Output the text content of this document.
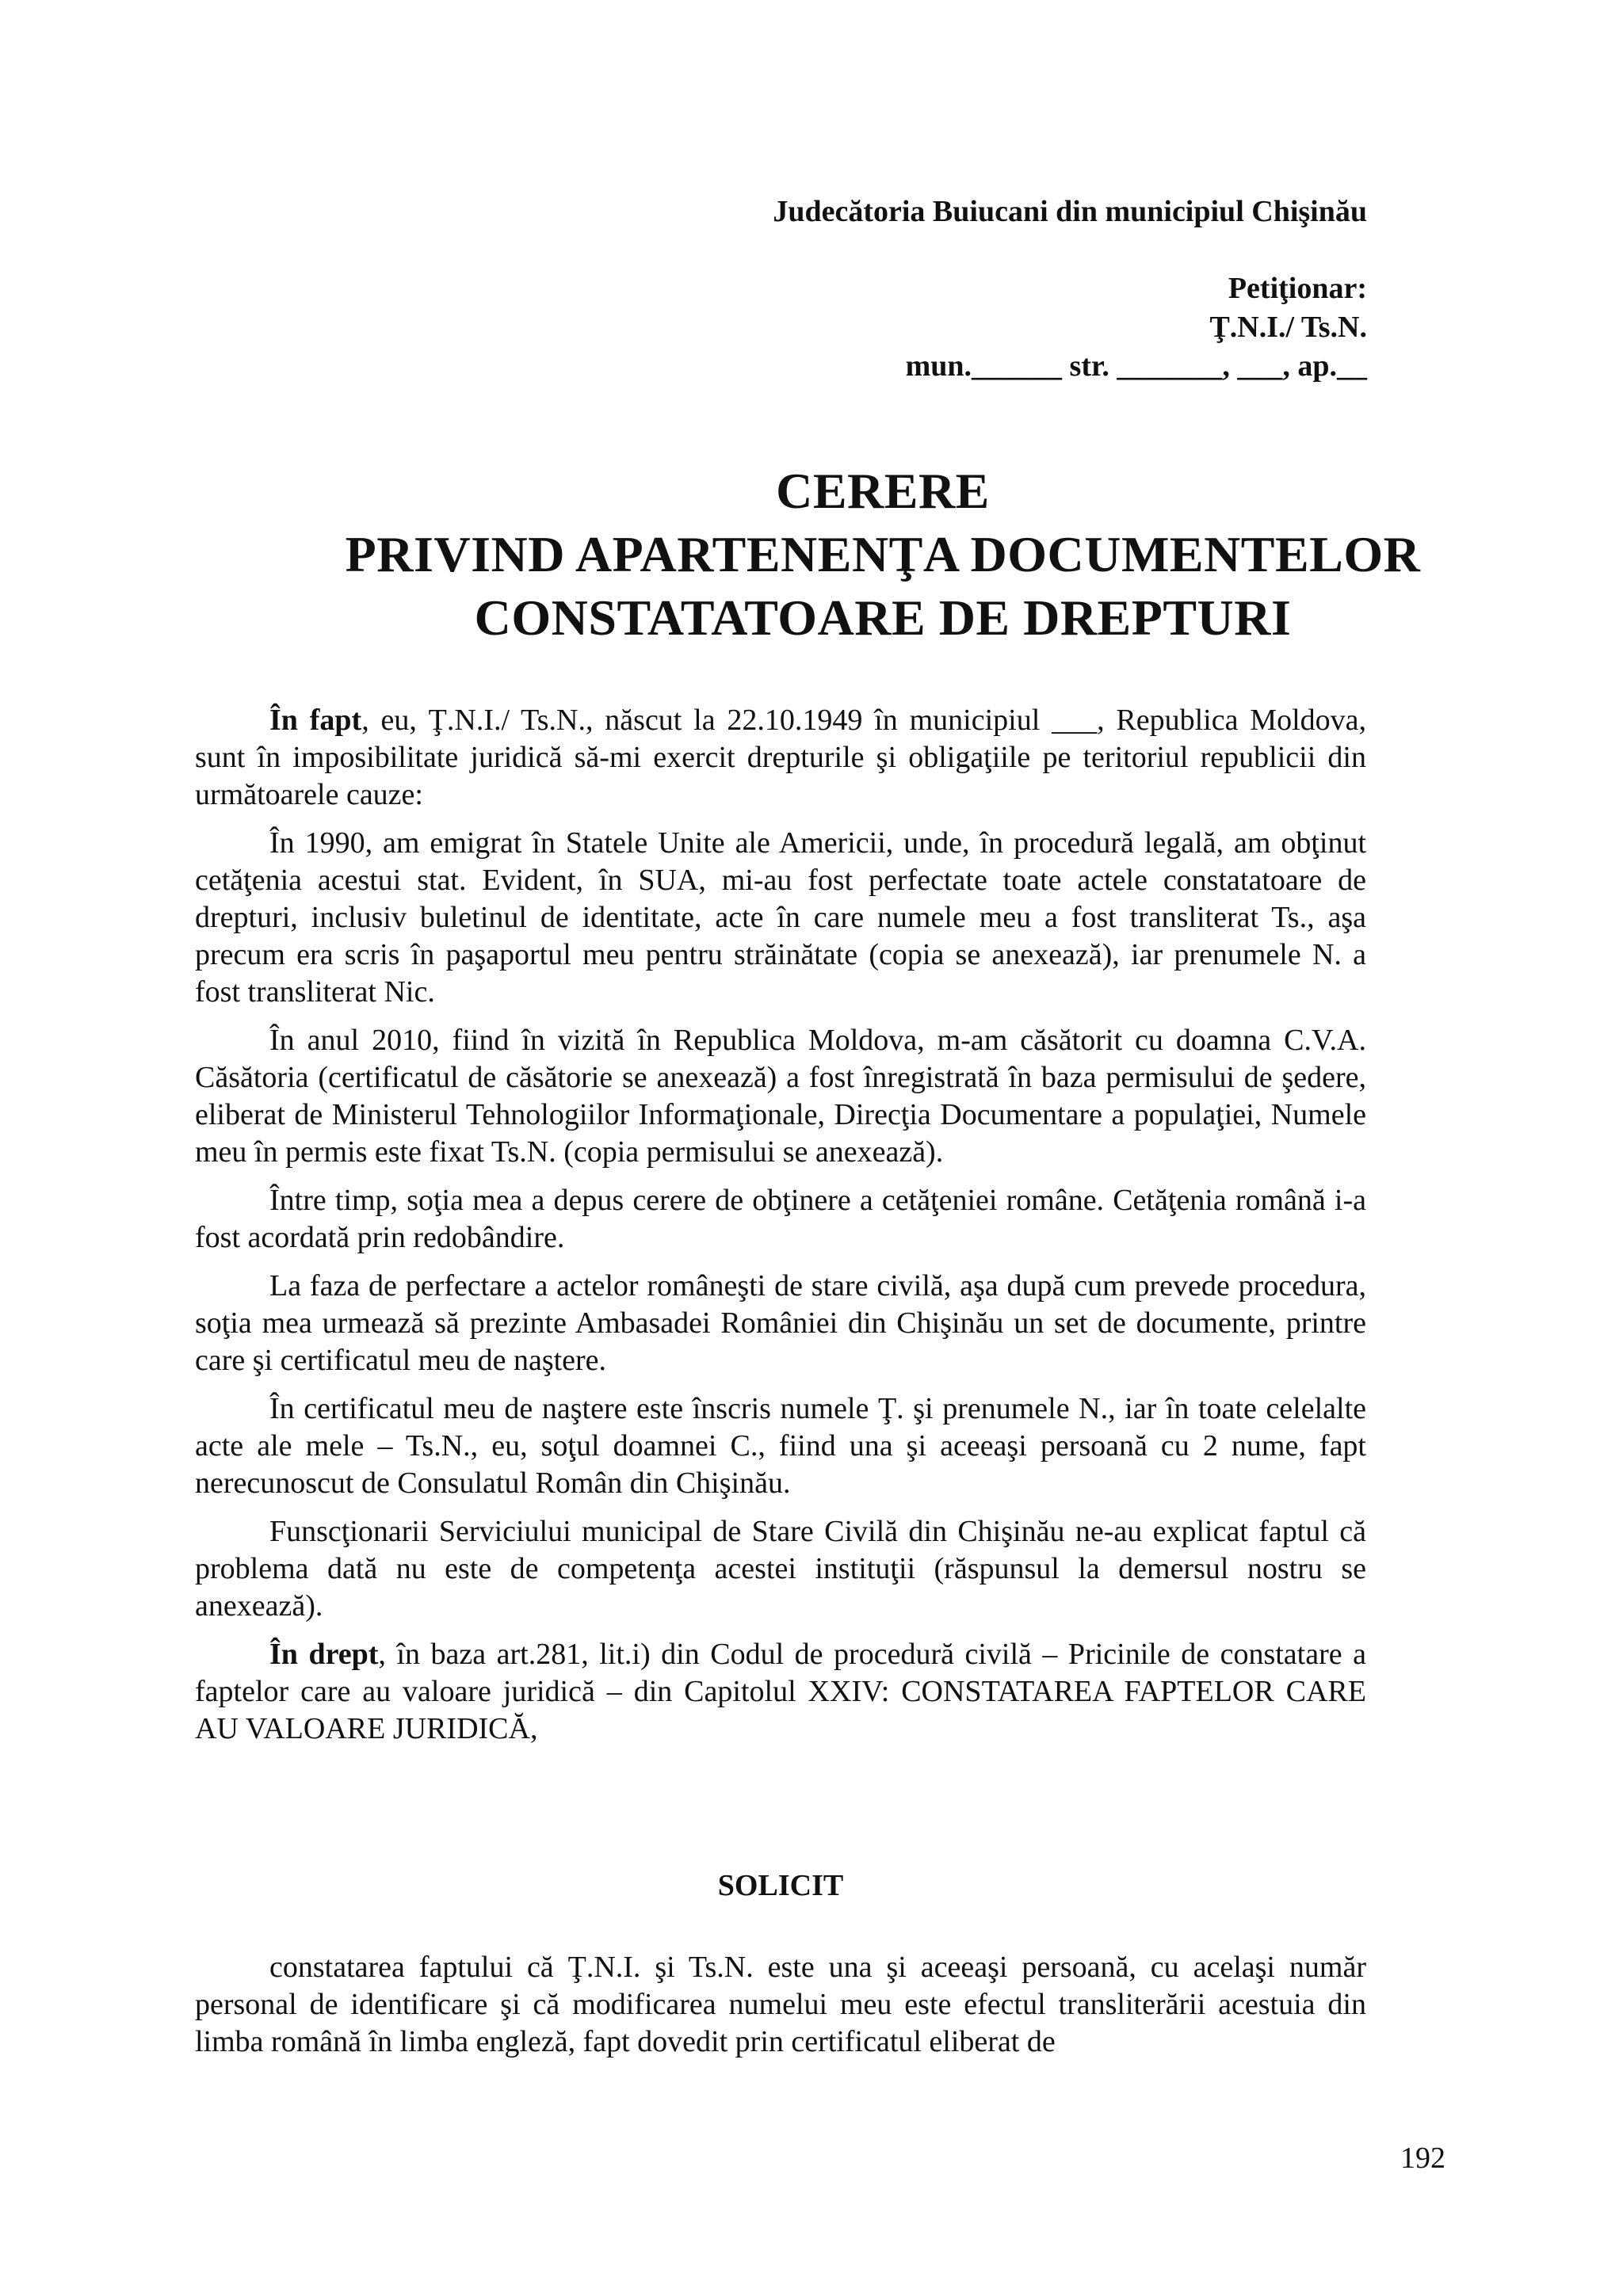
Judecătoria Buiucani din municipiul Chişinău
Petiţionar:
Ţ.N.I./ Ts.N.
mun.______ str. _______, ___, ap.__
CERERE
PRIVIND APARTENENŢA DOCUMENTELOR
CONSTATATOARE DE DREPTURI

În fapt, eu, Ţ.N.I./ Ts.N., născut la 22.10.1949 în municipiul ___, Republica Moldova, sunt în imposibilitate juridică să-mi exercit drepturile şi obligaţiile pe teritoriul republicii din următoarele cauze:

În 1990, am emigrat în Statele Unite ale Americii, unde, în procedură legală, am obţinut cetăţenia acestui stat. Evident, în SUA, mi-au fost perfectate toate actele constatatoare de drepturi, inclusiv buletinul de identitate, acte în care numele meu a fost transliterat Ts., aşa precum era scris în paşaportul meu pentru străinătate (copia se anexează), iar prenumele N. a fost transliterat Nic.

În anul 2010, fiind în vizită în Republica Moldova, m-am căsătorit cu doamna C.V.A. Căsătoria (certificatul de căsătorie se anexează) a fost înregistrată în baza permisului de şedere, eliberat de Ministerul Tehnologiilor Informaţionale, Direcţia Documentare a populaţiei, Numele meu în permis este fixat Ts.N. (copia permisului se anexează).

Între timp, soţia mea a depus cerere de obţinere a cetăţeniei române. Cetăţenia română i-a fost acordată prin redobândire.

La faza de perfectare a actelor româneşti de stare civilă, aşa după cum prevede procedura, soţia mea urmează să prezinte Ambasadei României din Chişinău un set de documente, printre care şi certificatul meu de naştere.

În certificatul meu de naştere este înscris numele Ţ. şi prenumele N., iar în toate celelalte acte ale mele – Ts.N., eu, soţul doamnei C., fiind una şi aceeaşi persoană cu 2 nume, fapt nerecunoscut de Consulatul Român din Chişinău.

Funscţionarii Serviciului municipal de Stare Civilă din Chişinău ne-au explicat faptul că problema dată nu este de competenţa acestei instituţii (răspunsul la demersul nostru se anexează).

În drept, în baza art.281, lit.i) din Codul de procedură civilă – Pricinile de constatare a faptelor care au valoare juridică – din Capitolul XXIV: CONSTATAREA FAPTELOR CARE AU VALOARE JURIDICĂ,

SOLICIT

constatarea faptului că Ţ.N.I. şi Ts.N. este una şi aceeaşi persoană, cu acelaşi număr personal de identificare şi că modificarea numelui meu este efectul transliterării acestuia din limba română în limba engleză, fapt dovedit prin certificatul eliberat de

192
